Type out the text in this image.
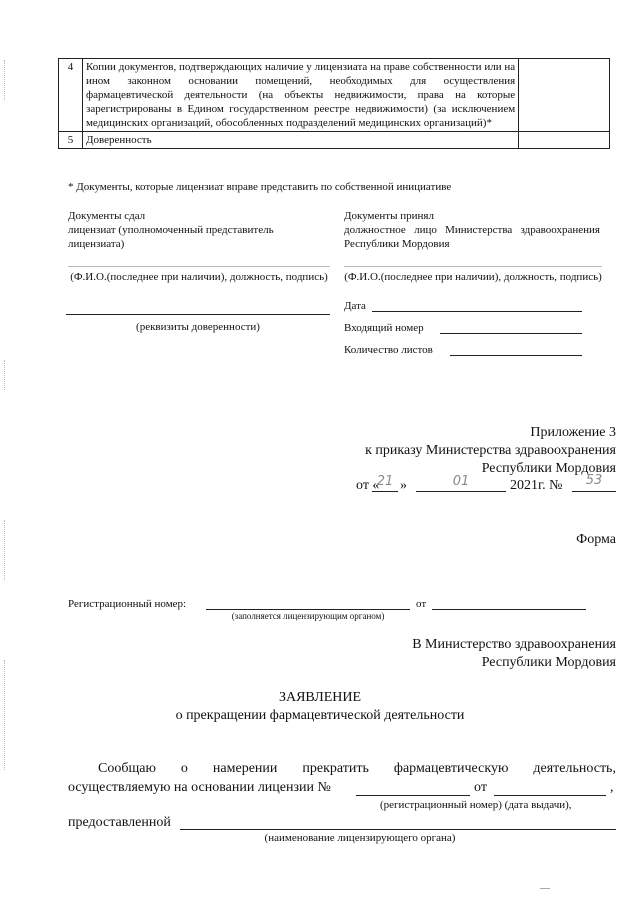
4	Копии документов, подтверждающих наличие у лицензиата на праве собственности или на ином законном основании помещений, необходимых для осуществления фармацевтической деятельности (на объекты недвижимости, права на которые зарегистрированы в Едином государственном реестре недвижимости) (за исключением медицинских организаций, обособленных подразделений медицинских организаций)*	
5	Доверенность	
* Документы, которые лицензиат вправе представить по собственной инициативе
Документы сдал
лицензиат (уполномоченный представитель лицензиата)
(Ф.И.О.(последнее при наличии), должность, подпись)
(реквизиты доверенности)
Документы принял
должностное лицо Министерства здравоохранения Республики Мордовия
(Ф.И.О.(последнее при наличии), должность, подпись)
Дата
Входящий номер
Количество листов
Приложение 3
к приказу Министерства здравоохранения
Республики Мордовия
от «
21 »	01	2021г. №	53
Форма
Регистрационный номер:	от
(заполняется лицензирующим органом)
В Министерство здравоохранения
Республики Мордовия
ЗАЯВЛЕНИЕ
о прекращении фармацевтической деятельности
Сообщаю о намерении прекратить фармацевтическую деятельность,
осуществляемую на основании лицензии №	от	,
(регистрационный номер) (дата выдачи),
предоставленной
(наименование лицензирующего органа)
